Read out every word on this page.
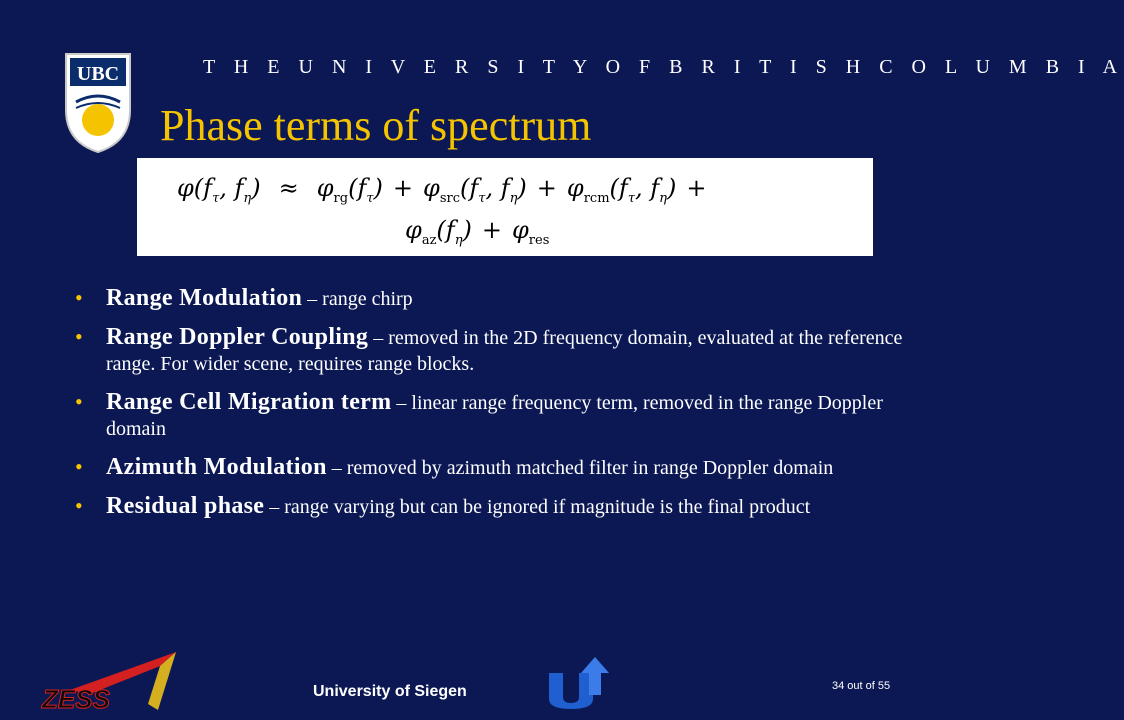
T H E U N I V E R S I T Y O F B R I T I S H C O L U M B I A
UBC
Phase terms of spectrum
$\varphi(f_\tau$, $f_\eta) \approx \varphi_{rg}(f_\tau) + \varphi_{src}(f_\tau$, $f_\eta) + \varphi_{rcm}(f_\tau$, $f_\eta$) +
$\varphi_{az}(f_\eta) + \varphi_{res}$
• Range Modulation – range chirp
• Range Doppler Coupling – removed in the 2D frequency domain, evaluated at the reference range. For wider scene, requires range blocks.
• Range Cell Migration term – linear range frequency term, removed in the range Doppler domain
• Azimuth Modulation – removed by azimuth matched filter in range Doppler domain
• Residual phase – range varying but can be ignored if magnitude is the final product
ZESS	University of Siegen	34 out of 55
